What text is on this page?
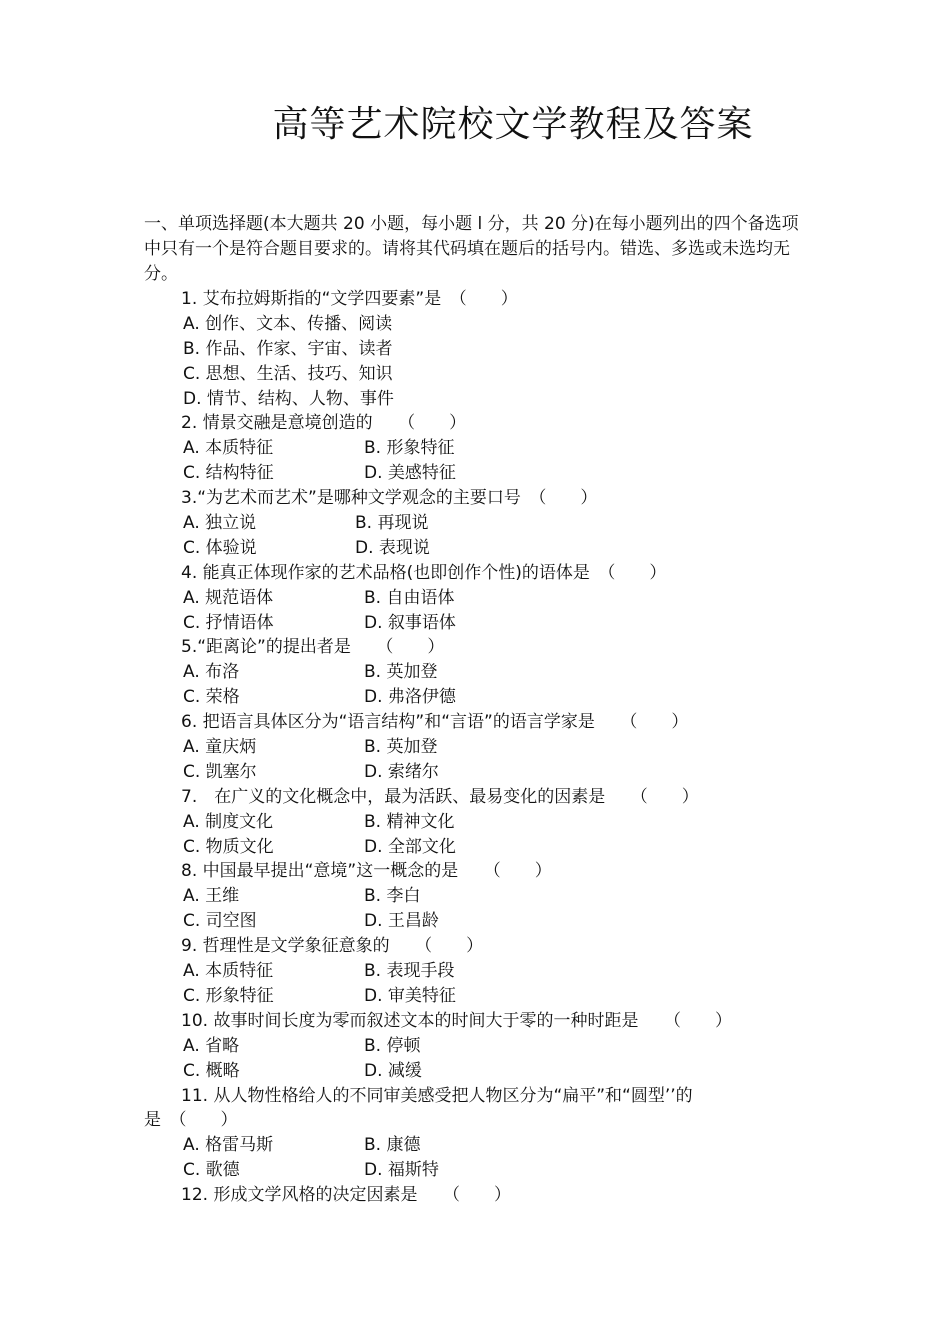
高等艺术院校文学教程及答案

一、单项选择题(本大题共 20 小题，每小题 l 分，共 20 分)在每小题列出的四个备选项中只有一个是符合题目要求的。请将其代码填在题后的括号内。错选、多选或未选均无分。

1. 艾布拉姆斯指的“文学四要素”是　（　　）
A. 创作、文本、传播、阅读
B. 作品、作家、宇宙、读者
C. 思想、生活、技巧、知识
D. 情节、结构、人物、事件
2. 情景交融是意境创造的　　（　　）
A. 本质特征	B. 形象特征
C. 结构特征	D. 美感特征
3.“为艺术而艺术”是哪种文学观念的主要口号　（　　）
A. 独立说	B. 再现说
C. 体验说	D. 表现说
4. 能真正体现作家的艺术品格(也即创作个性)的语体是　（　　）
A. 规范语体	B. 自由语体
C. 抒情语体	D. 叙事语体
5.“距离论”的提出者是　　（　　）
A. 布洛	B. 英加登
C. 荣格	D. 弗洛伊德
6. 把语言具体区分为“语言结构”和“言语”的语言学家是　　（　　）
A. 童庆炳	B. 英加登
C. 凯塞尔	D. 索绪尔
7.　在广义的文化概念中，最为活跃、最易变化的因素是　　（　　）
A. 制度文化	B. 精神文化
C. 物质文化	D. 全部文化
8. 中国最早提出“意境”这一概念的是　　（　　）
A. 王维	B. 李白
C. 司空图	D. 王昌龄
9. 哲理性是文学象征意象的　　（　　）
A. 本质特征	B. 表现手段
C. 形象特征	D. 审美特征
10. 故事时间长度为零而叙述文本的时间大于零的一种时距是　　（　　）
A. 省略	B. 停顿
C. 概略	D. 减缓
11. 从人物性格给人的不同审美感受把人物区分为“扁平”和“圆型’’的
是　（　　）
A. 格雷马斯	B. 康德
C. 歌德	D. 福斯特
12. 形成文学风格的决定因素是　　（　　）
